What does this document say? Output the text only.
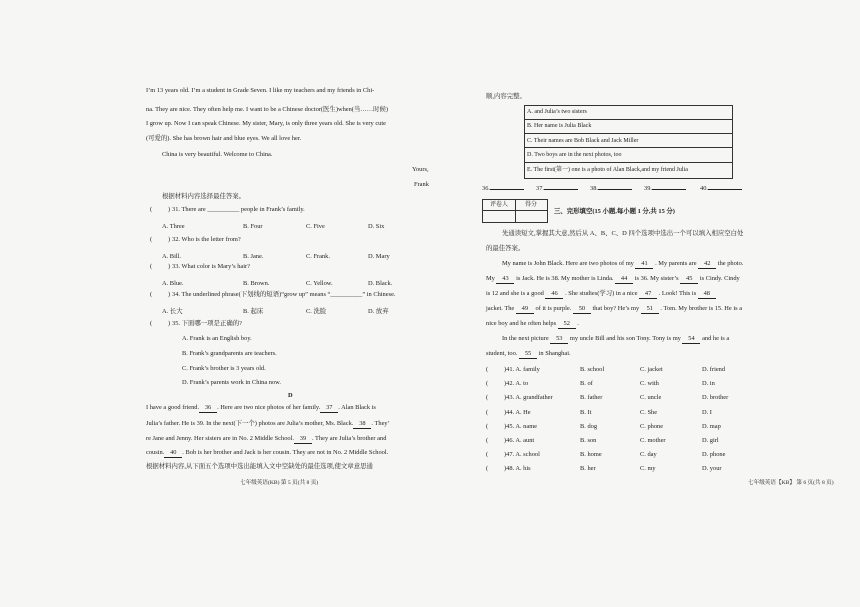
I’m 13 years old. I’m a student in Grade Seven. I like my teachers and my friends in Chi-
na. They are nice. They often help me. I want to be a Chinese doctor(医生)when(当……时候)
I grow up. Now I can speak Chinese. My sister, Mary, is only three years old. She is very cute
(可爱的). She has brown hair and blue eyes. We all love her.
China is very beautiful. Welcome to China.
Yours,
Frank
根据材料内容选择最佳答案。
( ) 31. There are __________ people in Frank’s family.
A. Three	B. Four	C. Five	D. Six
( ) 32. Who is the letter from?
A. Bill.	B. Jane.	C. Frank.	D. Mary
( ) 33. What color is Mary’s hair?
A. Blue.	B. Brown.	C. Yellow.	D. Black.
( ) 34. The underlined phrase(下划线的短语)“grow up” means “__________” in Chinese.
A. 长大	B. 起床	C. 洗脸	D. 放弃
( ) 35. 下面哪一项是正确的?
A. Frank is an English boy.
B. Frank’s grandparents are teachers.
C. Frank’s brother is 3 years old.
D. Frank’s parents work in China now.
D
I have a good friend. 36 . Here are two nice photos of her family. 37 . Alan Black is
Julia’s father. He is 39. In the next(下一个) photos are Julia’s mother, Ms. Black. 38 . They’
re Jane and Jenny. Her sisters are in No. 2 Middle School. 39 . They are Julia’s brother and
cousin. 40 . Bob is her brother and Jack is her cousin. They are not in No. 2 Middle School.
根据材料内容,从下面五个选项中选出能填入文中空缺处的最佳选项,使文章意思通
七年级英语(KB) 第 5 页(共 8 页)
顺,内容完整。
A. and Julia’s two sisters
B. Her name is Julia Black
C. Their names are Bob Black and Jack Miller
D. Two boys are in the next photos, too
E. The first(第一) one is a photo of Alan Black,and my friend Julia
36.	37.	38.	39.	40.
评卷人	得分
三、完形填空(15 小题,每小题 1 分,共 15 分)
先通读短文,掌握其大意,然后从 A、B、C、D 四个选项中选出一个可以填入相应空白处
的最佳答案。
My name is John Black. Here are two photos of my 41 . My parents are 42 the photo.
My 43 is Jack. He is 38. My mother is Linda. 44 is 36. My sister’s 45 is Cindy. Cindy
is 12 and she is a good 46 . She studies(学习) in a nice 47 . Look! This is 48
jacket. The 49 of it is purple. 50 that boy? He’s my 51 . Tom. My brother is 15. He is a
nice boy and he often helps 52 .
In the next picture 53 my uncle Bill and his son Tony. Tony is my 54 and he is a
student, too. 55 in Shanghai.
( )41. A. family	B. school	C. jacket	D. friend
( )42. A. to	B. of	C. with	D. in
( )43. A. grandfather	B. father	C. uncle	D. brother
( )44. A. He	B. It	C. She	D. I
( )45. A. name	B. dog	C. phone	D. map
( )46. A. aunt	B. son	C. mother	D. girl
( )47. A. school	B. home	C. day	D. phone
( )48. A. his	B. her	C. my	D. your
七年级英语【KB】 第 6 页(共 8 页)
